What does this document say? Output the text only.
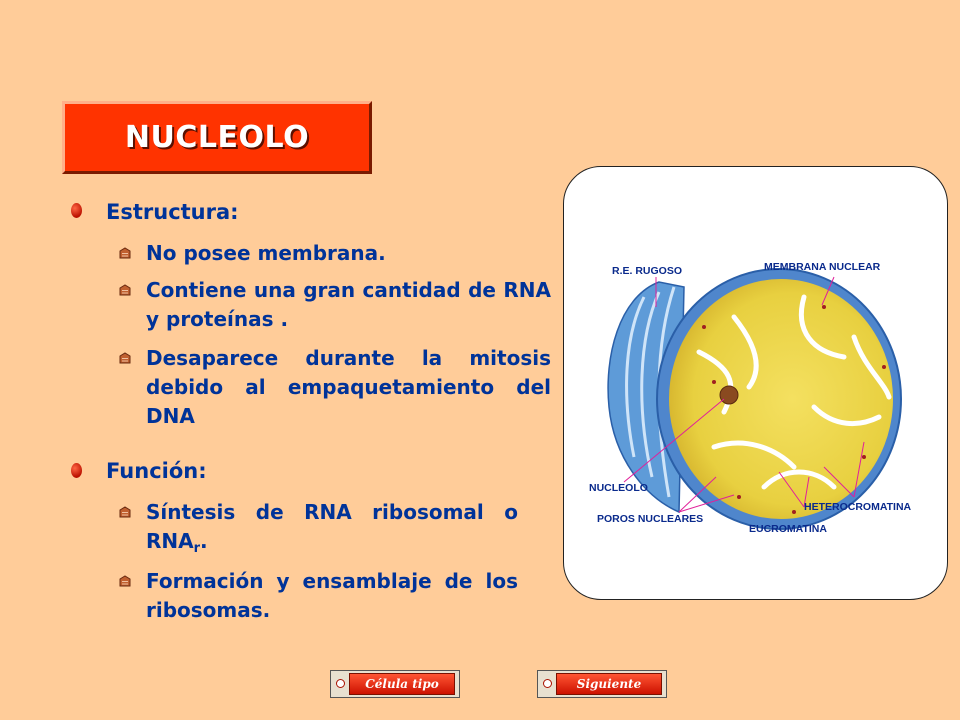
NUCLEOLO
Estructura:
No posee membrana.
Contiene una gran cantidad de RNA y proteínas .
Desaparece durante la mitosis debido al empaquetamiento del DNA
Función:
Síntesis de RNA ribosomal o $RNA_r$.
Formación y ensamblaje de los ribosomas.
R.E. RUGOSO	MEMBRANA NUCLEAR
NUCLEOLO
HETEROCROMATINA
POROS NUCLEARES
EUCROMATINA
Célula tipo	Siguiente
